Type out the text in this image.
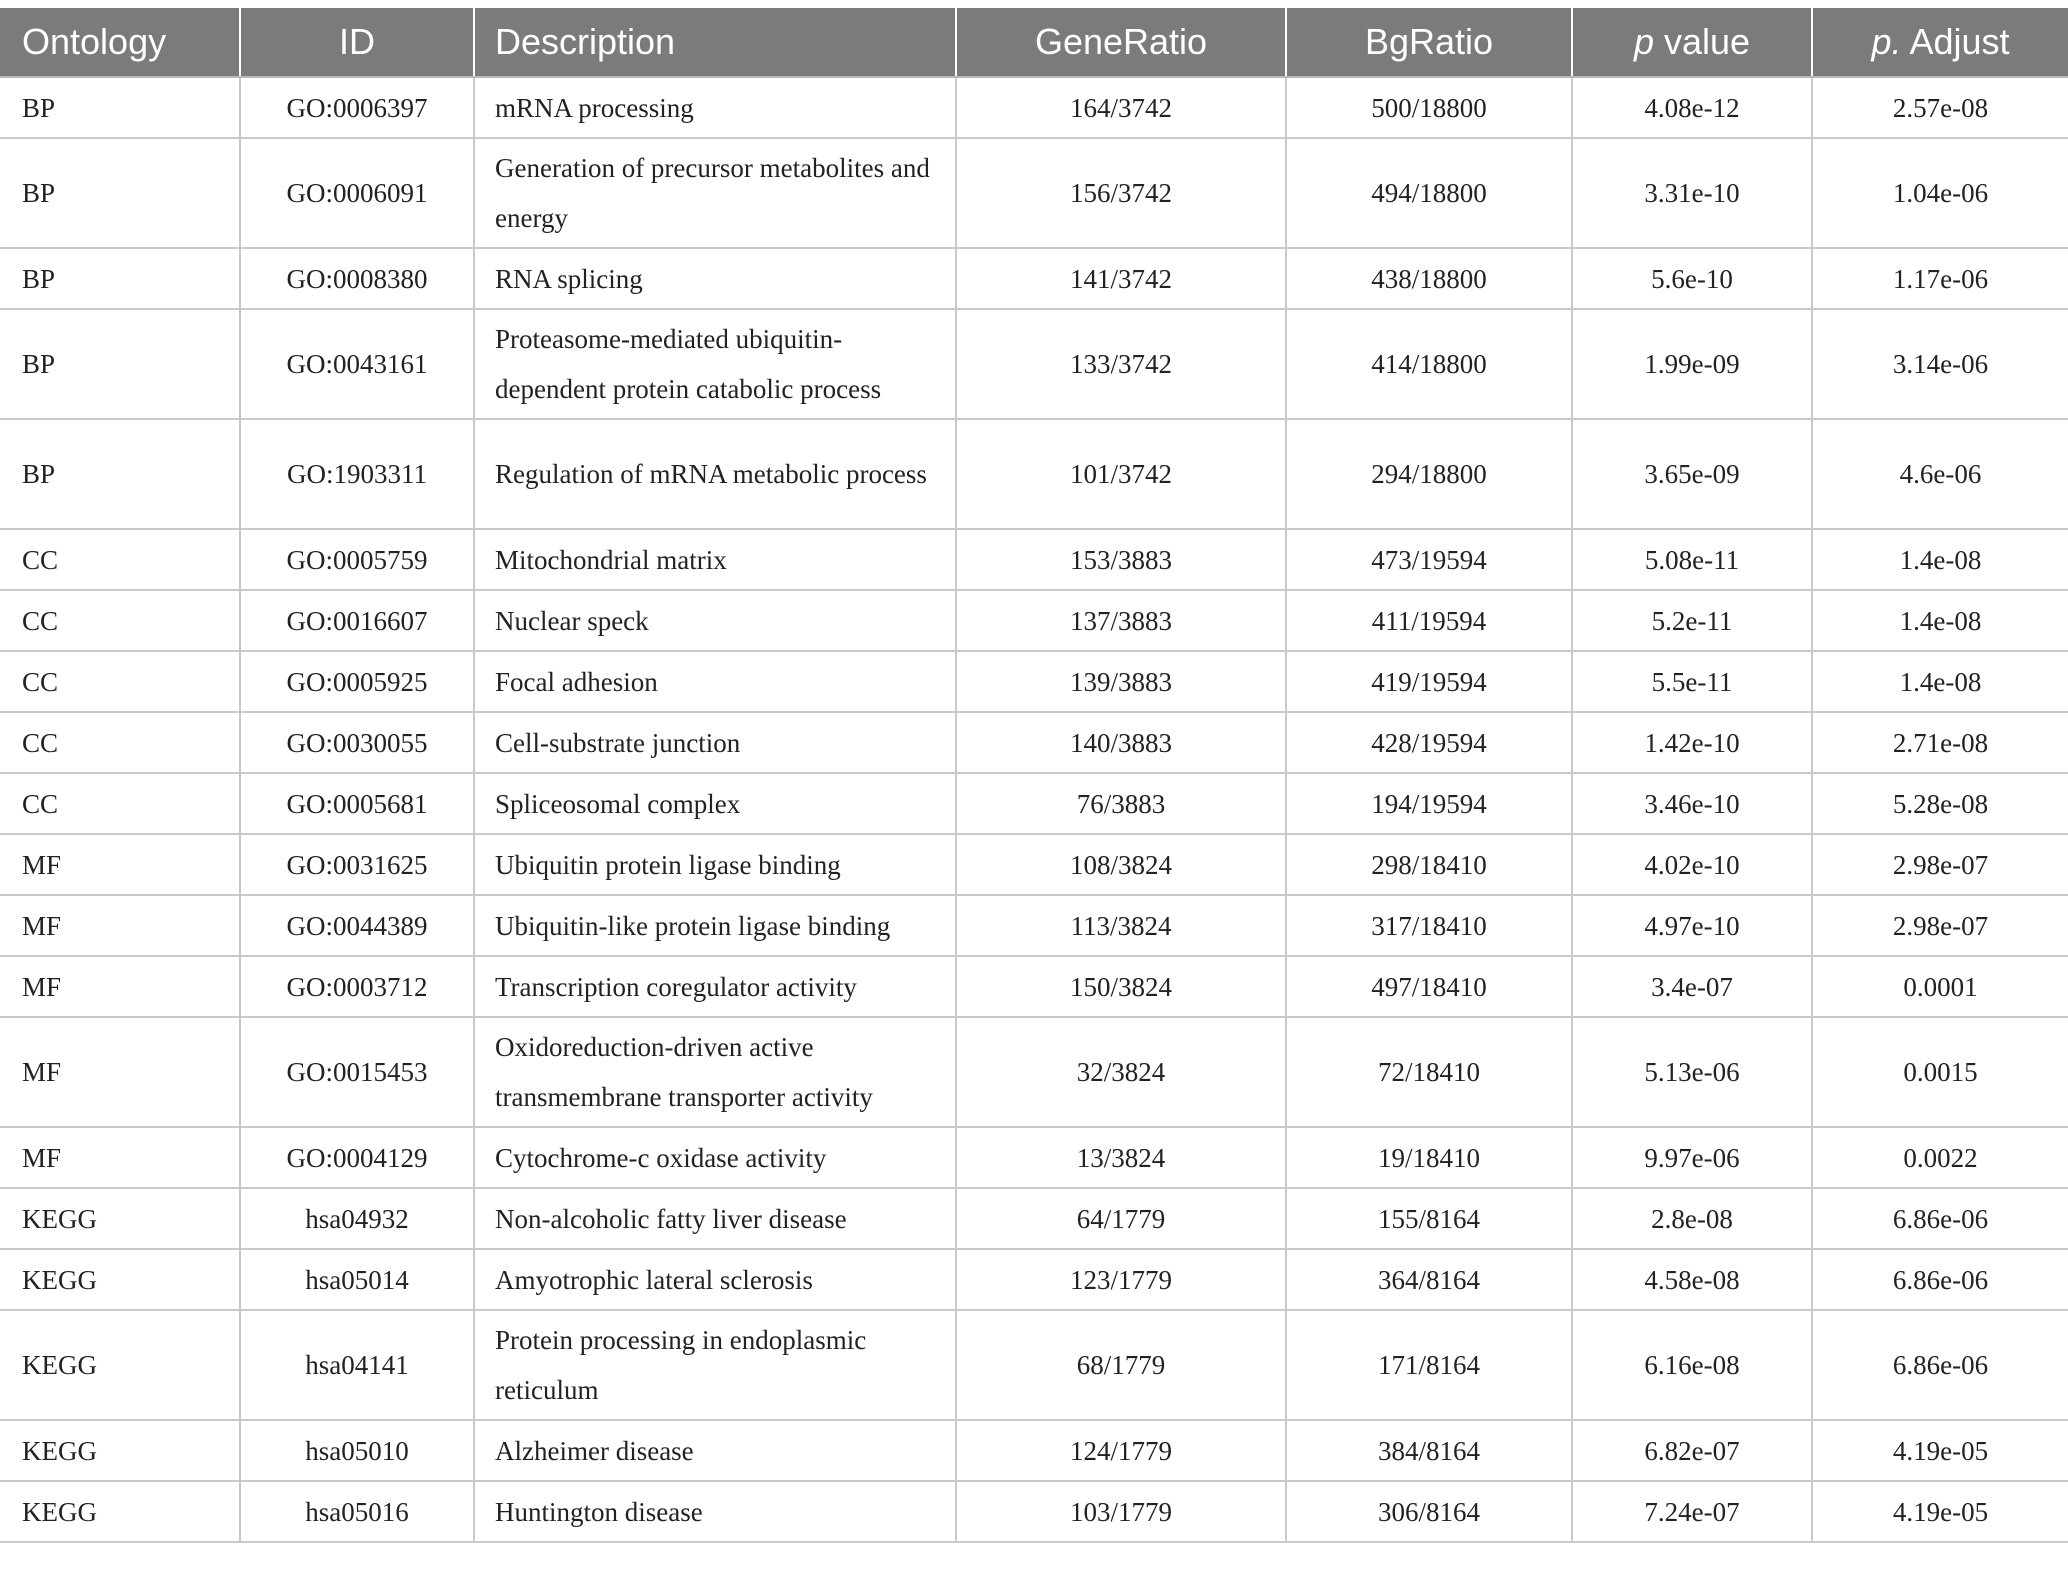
Ontology	ID	Description	GeneRatio	BgRatio	p value	p. Adjust
BP	GO:0006397	mRNA processing	164/3742	500/18800	4.08e-12	2.57e-08
BP	GO:0006091	Generation of precursor metabolites and energy	156/3742	494/18800	3.31e-10	1.04e-06
BP	GO:0008380	RNA splicing	141/3742	438/18800	5.6e-10	1.17e-06
BP	GO:0043161	Proteasome-mediated ubiquitin-dependent protein catabolic process	133/3742	414/18800	1.99e-09	3.14e-06
BP	GO:1903311	Regulation of mRNA metabolic process	101/3742	294/18800	3.65e-09	4.6e-06
CC	GO:0005759	Mitochondrial matrix	153/3883	473/19594	5.08e-11	1.4e-08
CC	GO:0016607	Nuclear speck	137/3883	411/19594	5.2e-11	1.4e-08
CC	GO:0005925	Focal adhesion	139/3883	419/19594	5.5e-11	1.4e-08
CC	GO:0030055	Cell-substrate junction	140/3883	428/19594	1.42e-10	2.71e-08
CC	GO:0005681	Spliceosomal complex	76/3883	194/19594	3.46e-10	5.28e-08
MF	GO:0031625	Ubiquitin protein ligase binding	108/3824	298/18410	4.02e-10	2.98e-07
MF	GO:0044389	Ubiquitin-like protein ligase binding	113/3824	317/18410	4.97e-10	2.98e-07
MF	GO:0003712	Transcription coregulator activity	150/3824	497/18410	3.4e-07	0.0001
MF	GO:0015453	Oxidoreduction-driven active transmembrane transporter activity	32/3824	72/18410	5.13e-06	0.0015
MF	GO:0004129	Cytochrome-c oxidase activity	13/3824	19/18410	9.97e-06	0.0022
KEGG	hsa04932	Non-alcoholic fatty liver disease	64/1779	155/8164	2.8e-08	6.86e-06
KEGG	hsa05014	Amyotrophic lateral sclerosis	123/1779	364/8164	4.58e-08	6.86e-06
KEGG	hsa04141	Protein processing in endoplasmic reticulum	68/1779	171/8164	6.16e-08	6.86e-06
KEGG	hsa05010	Alzheimer disease	124/1779	384/8164	6.82e-07	4.19e-05
KEGG	hsa05016	Huntington disease	103/1779	306/8164	7.24e-07	4.19e-05
